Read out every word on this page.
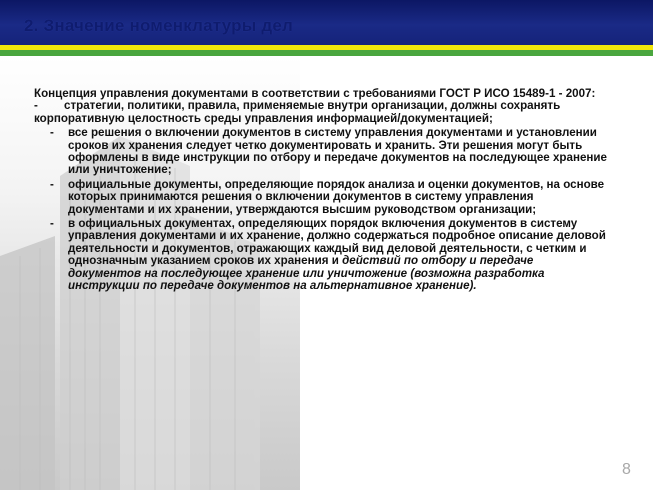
2. Значение номенклатуры дел

Концепция управления документами в соответствии с требованиями ГОСТ Р ИСО 15489-1 - 2007:

- стратегии, политики, правила, применяемые внутри организации, должны сохранять корпоративную целостность среды управления информацией/документацией;

- все решения о включении документов в систему управления документами и установлении сроков их хранения следует четко документировать и хранить. Эти решения могут быть оформлены в виде инструкции по отбору и передаче документов на последующее хранение или уничтожение;
- официальные документы, определяющие порядок анализа и оценки документов, на основе которых принимаются решения о включении документов в систему управления документами и их хранении, утверждаются высшим руководством организации;
- в официальных документах, определяющих порядок включения документов в систему управления документами и их хранение, должно содержаться подробное описание деловой деятельности и документов, отражающих каждый вид деловой деятельности, с четким и однозначным указанием сроков их хранения и действий по отбору и передаче документов на последующее хранение или уничтожение (возможна разработка инструкции по передаче документов на альтернативное хранение).
8
